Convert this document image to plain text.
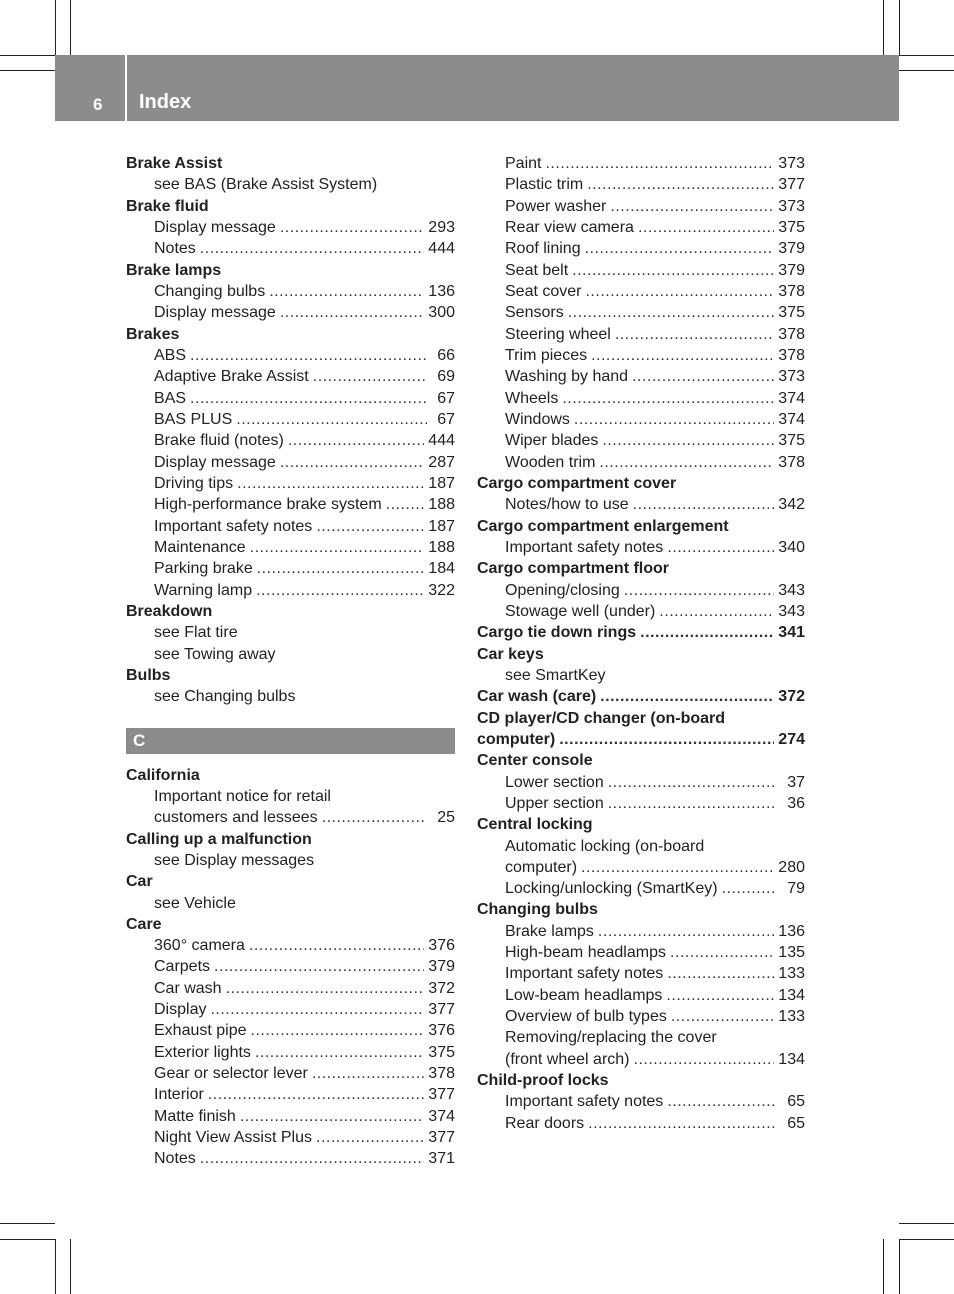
6 Index
Brake Assist
see BAS (Brake Assist System)
Brake fluid
Display message .....	293
Notes .....	444
Brake lamps
Changing bulbs .....	136
Display message .....	300
Brakes
ABS .....	66
Adaptive Brake Assist .....	69
BAS .....	67
BAS PLUS .....	67
Brake fluid (notes) .....	444
Display message .....	287
Driving tips .....	187
High-performance brake system .....	188
Important safety notes .....	187
Maintenance .....	188
Parking brake .....	184
Warning lamp .....	322
Breakdown
see Flat tire
see Towing away
Bulbs
see Changing bulbs
C
California
Important notice for retail
customers and lessees .....	25
Calling up a malfunction
see Display messages
Car
see Vehicle
Care
360° camera .....	376
Carpets .....	379
Car wash .....	372
Display .....	377
Exhaust pipe .....	376
Exterior lights .....	375
Gear or selector lever .....	378
Interior .....	377
Matte finish .....	374
Night View Assist Plus .....	377
Notes .....	371
Paint .....	373
Plastic trim .....	377
Power washer .....	373
Rear view camera .....	375
Roof lining .....	379
Seat belt .....	379
Seat cover .....	378
Sensors .....	375
Steering wheel .....	378
Trim pieces .....	378
Washing by hand .....	373
Wheels .....	374
Windows .....	374
Wiper blades .....	375
Wooden trim .....	378
Cargo compartment cover
Notes/how to use .....	342
Cargo compartment enlargement
Important safety notes .....	340
Cargo compartment floor
Opening/closing .....	343
Stowage well (under) .....	343
Cargo tie down rings .....	341
Car keys
see SmartKey
Car wash (care) .....	372
CD player/CD changer (on-board
computer) .....	274
Center console
Lower section .....	37
Upper section .....	36
Central locking
Automatic locking (on-board
computer) .....	280
Locking/unlocking (SmartKey) .....	79
Changing bulbs
Brake lamps .....	136
High-beam headlamps .....	135
Important safety notes .....	133
Low-beam headlamps .....	134
Overview of bulb types .....	133
Removing/replacing the cover
(front wheel arch) .....	134
Child-proof locks
Important safety notes .....	65
Rear doors .....	65
